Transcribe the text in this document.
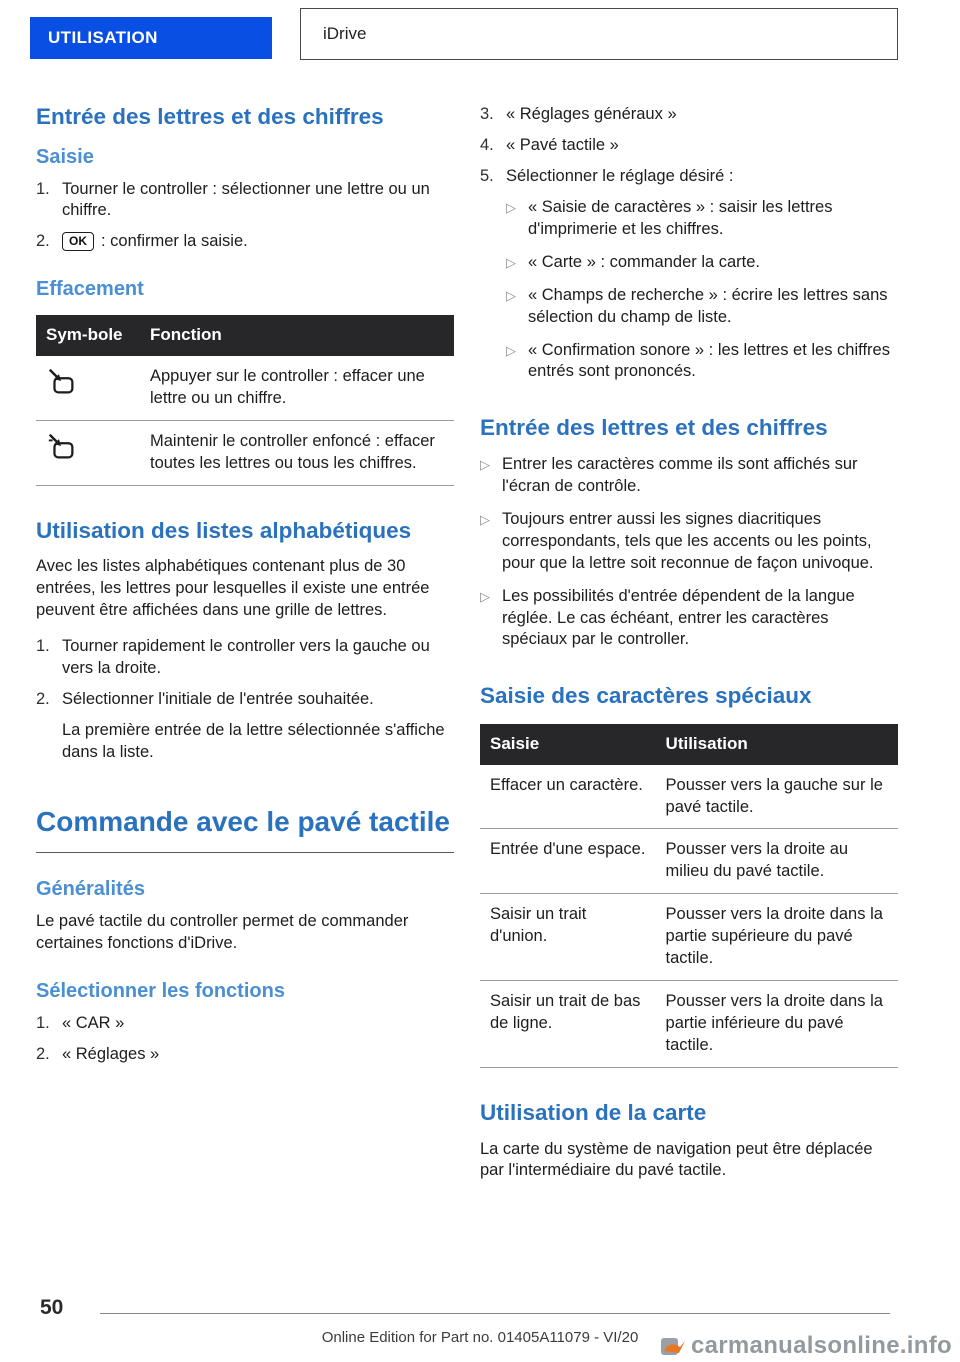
UTILISATION	iDrive
Entrée des lettres et des chiffres
Saisie
1. Tourner le controller : sélectionner une lettre ou un chiffre.
2.	OK : confirmer la saisie.
Effacement
Sym-bole	Fonction

	Appuyer sur le controller : effacer une lettre ou un chiffre.

	Maintenir le controller enfoncé : effacer toutes les lettres ou tous les chiffres.
Utilisation des listes alphabétiques
Avec les listes alphabétiques contenant plus de 30 entrées, les lettres pour lesquelles il existe une entrée peuvent être affichées dans une grille de lettres.
1. Tourner rapidement le controller vers la gauche ou vers la droite.
2. Sélectionner l'initiale de l'entrée souhaitée.
La première entrée de la lettre sélectionnée s'affiche dans la liste.
Commande avec le pavé tactile
Généralités
Le pavé tactile du controller permet de commander certaines fonctions d'iDrive.
Sélectionner les fonctions
1. « CAR »
2. « Réglages »
3. « Réglages généraux »
4. « Pavé tactile »
5. Sélectionner le réglage désiré :
▷ « Saisie de caractères » : saisir les lettres d'imprimerie et les chiffres.
▷ « Carte » : commander la carte.
▷ « Champs de recherche » : écrire les lettres sans sélection du champ de liste.
▷ « Confirmation sonore » : les lettres et les chiffres entrés sont prononcés.
Entrée des lettres et des chiffres
▷ Entrer les caractères comme ils sont affichés sur l'écran de contrôle.
▷ Toujours entrer aussi les signes diacritiques correspondants, tels que les accents ou les points, pour que la lettre soit reconnue de façon univoque.
▷ Les possibilités d'entrée dépendent de la langue réglée. Le cas échéant, entrer les caractères spéciaux par le controller.
Saisie des caractères spéciaux
Saisie	Utilisation
Effacer un caractère.	Pousser vers la gauche sur le pavé tactile.
Entrée d'une espace.	Pousser vers la droite au milieu du pavé tactile.
Saisir un trait d'union.	Pousser vers la droite dans la partie supérieure du pavé tactile.
Saisir un trait de bas de ligne.	Pousser vers la droite dans la partie inférieure du pavé tactile.
Utilisation de la carte
La carte du système de navigation peut être déplacée par l'intermédiaire du pavé tactile.
50
Online Edition for Part no. 01405A11079 - VI/20	carmanualsonline.info
